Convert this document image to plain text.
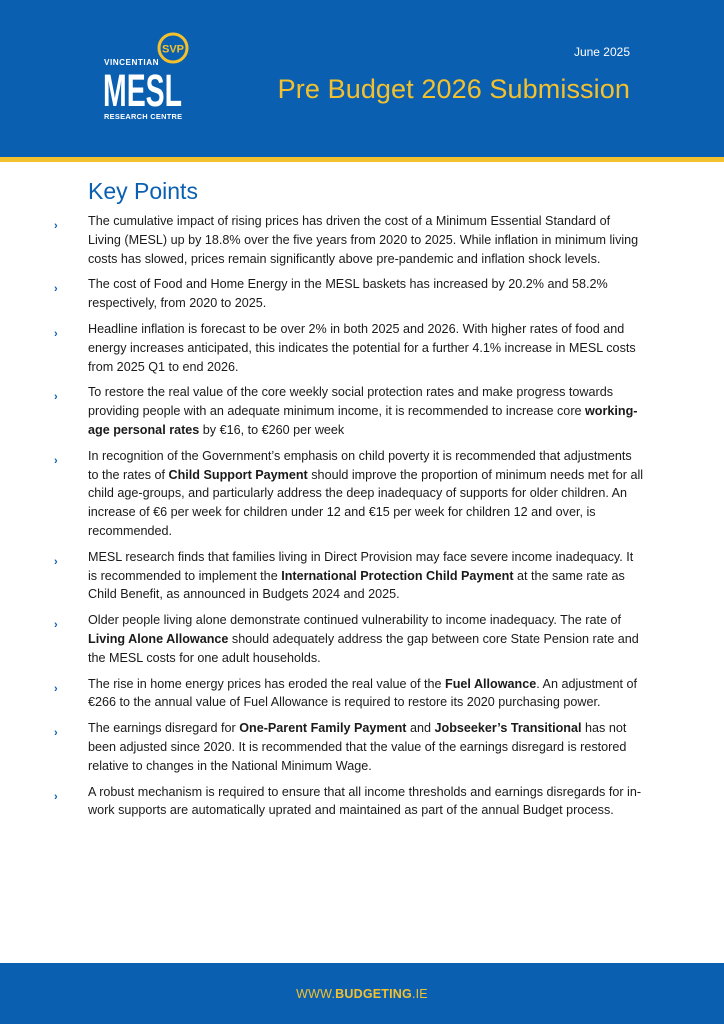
SVP
VINCENTIAN
MESL
RESEARCH CENTRE
June 2025
Pre Budget 2026 Submission
Key Points
› The cumulative impact of rising prices has driven the cost of a Minimum Essential Standard of Living (MESL) up by 18.8% over the five years from 2020 to 2025. While inflation in minimum living costs has slowed, prices remain significantly above pre-pandemic and inflation shock levels.
› The cost of Food and Home Energy in the MESL baskets has increased by 20.2% and 58.2% respectively, from 2020 to 2025.
› Headline inflation is forecast to be over 2% in both 2025 and 2026. With higher rates of food and energy increases anticipated, this indicates the potential for a further 4.1% increase in MESL costs from 2025 Q1 to end 2026.
› To restore the real value of the core weekly social protection rates and make progress towards providing people with an adequate minimum income, it is recommended to increase core working-age personal rates by €16, to €260 per week
› In recognition of the Government’s emphasis on child poverty it is recommended that adjustments to the rates of Child Support Payment should improve the proportion of minimum needs met for all child age-groups, and particularly address the deep inadequacy of supports for older children. An increase of €6 per week for children under 12 and €15 per week for children 12 and over, is recommended.
› MESL research finds that families living in Direct Provision may face severe income inadequacy. It is recommended to implement the International Protection Child Payment at the same rate as Child Benefit, as announced in Budgets 2024 and 2025.
› Older people living alone demonstrate continued vulnerability to income inadequacy. The rate of Living Alone Allowance should adequately address the gap between core State Pension rate and the MESL costs for one adult households.
› The rise in home energy prices has eroded the real value of the Fuel Allowance. An adjustment of €266 to the annual value of Fuel Allowance is required to restore its 2020 purchasing power.
› The earnings disregard for One-Parent Family Payment and Jobseeker’s Transitional has not been adjusted since 2020. It is recommended that the value of the earnings disregard is restored relative to changes in the National Minimum Wage.
› A robust mechanism is required to ensure that all income thresholds and earnings disregards for in-work supports are automatically uprated and maintained as part of the annual Budget process.
WWW.BUDGETING.IE
